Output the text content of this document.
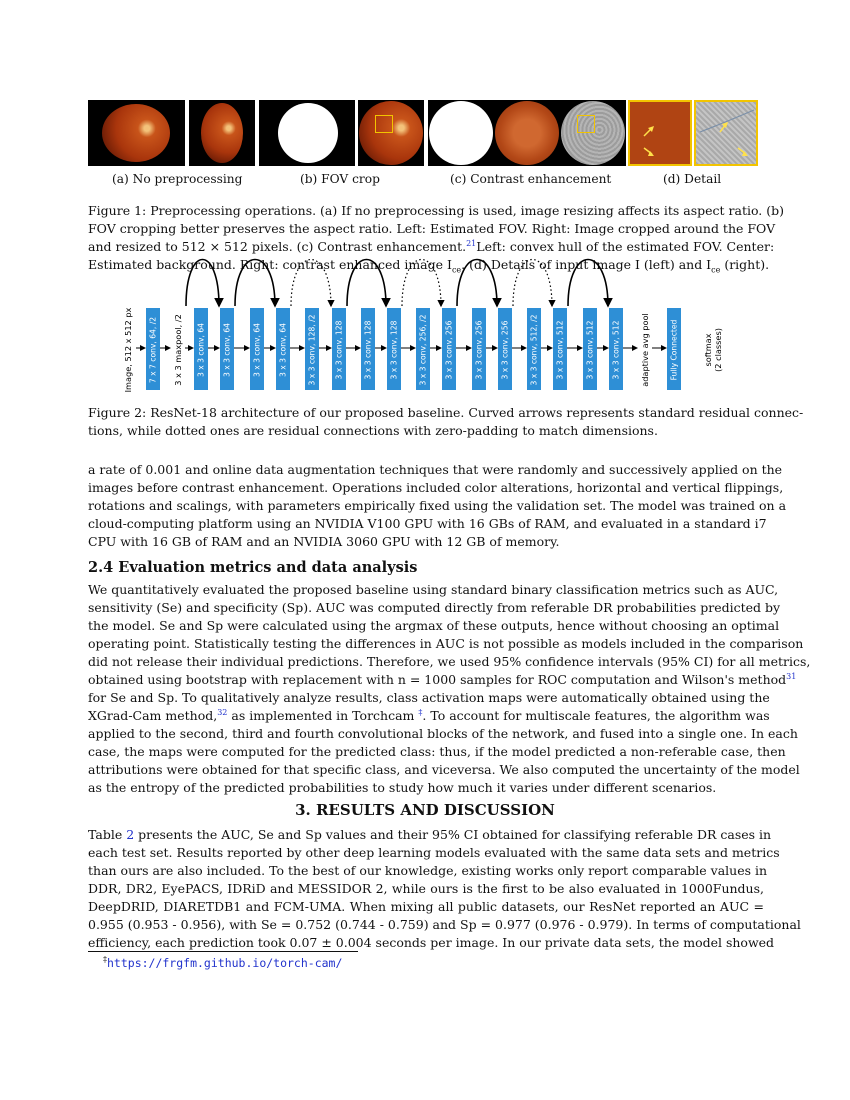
(a) No preprocessing	(b) FOV crop	(c) Contrast enhancement	(d) Detail
Figure 1: Preprocessing operations. (a) If no preprocessing is used, image resizing affects its aspect ratio. (b)
FOV cropping better preserves the aspect ratio. Left: Estimated FOV. Right: Image cropped around the FOV
and resized to 512 × 512 pixels. (c) Contrast enhancement.$^{21}$Left: convex hull of the estimated FOV. Center:
Estimated background. Right: contrast enhanced image $I_{ce}$. (d) Details of input image I (left) and $I_{ce}$ (right).
Image, 512 x 512 px 7 x 7 conv, 64, /2 3 x 3 maxpool, /2 3 x 3 conv, 64 3 x 3 conv, 64	3 x 3 conv, 64 3 x 3 conv, 64	3 x 3 conv, 128, /2 3 x 3 conv, 128	3 x 3 conv, 128 3 x 3 conv, 128	3 x 3 conv, 256, /2 3 x 3 conv, 256	3 x 3 conv, 256 3 x 3 conv, 256	3 x 3 conv, 512, /2 3 x 3 conv, 512	3 x 3 conv, 512 3 x 3 conv, 512 adaptive avg pool	Fully Connected	softmax (2 classes)
Figure 2: ResNet-18 architecture of our proposed baseline. Curved arrows represents standard residual connec-
tions, while dotted ones are residual connections with zero-padding to match dimensions.
a rate of 0.001 and online data augmentation techniques that were randomly and successively applied on the
images before contrast enhancement. Operations included color alterations, horizontal and vertical flippings,
rotations and scalings, with parameters empirically fixed using the validation set. The model was trained on a
cloud-computing platform using an NVIDIA V100 GPU with 16 GBs of RAM, and evaluated in a standard i7
CPU with 16 GB of RAM and an NVIDIA 3060 GPU with 12 GB of memory.
2.4 Evaluation metrics and data analysis
We quantitatively evaluated the proposed baseline using standard binary classification metrics such as AUC,
sensitivity (Se) and specificity (Sp). AUC was computed directly from referable DR probabilities predicted by
the model. Se and Sp were calculated using the argmax of these outputs, hence without choosing an optimal
operating point. Statistically testing the differences in AUC is not possible as models included in the comparison
did not release their individual predictions. Therefore, we used 95% confidence intervals (95% CI) for all metrics,
obtained using bootstrap with replacement with n = 1000 samples for ROC computation and Wilson's method$^{31}$
for Se and Sp. To qualitatively analyze results, class activation maps were automatically obtained using the
XGrad-Cam method,$^{32}$ as implemented in Torchcam ‡. To account for multiscale features, the algorithm was
applied to the second, third and fourth convolutional blocks of the network, and fused into a single one. In each
case, the maps were computed for the predicted class: thus, if the model predicted a non-referable case, then
attributions were obtained for that specific class, and viceversa. We also computed the uncertainty of the model
as the entropy of the predicted probabilities to study how much it varies under different scenarios.
3. RESULTS AND DISCUSSION
Table 2 presents the AUC, Se and Sp values and their 95% CI obtained for classifying referable DR cases in
each test set. Results reported by other deep learning models evaluated with the same data sets and metrics
than ours are also included. To the best of our knowledge, existing works only report comparable values in
DDR, DR2, EyePACS, IDRiD and MESSIDOR 2, while ours is the first to be also evaluated in 1000Fundus,
DeepDRID, DIARETDB1 and FCM-UMA. When mixing all public datasets, our ResNet reported an AUC =
0.955 (0.953 - 0.956), with Se = 0.752 (0.744 - 0.759) and Sp = 0.977 (0.976 - 0.979). In terms of computational
efficiency, each prediction took 0.07 ± 0.004 seconds per image. In our private data sets, the model showed
‡https://frgfm.github.io/torch-cam/
